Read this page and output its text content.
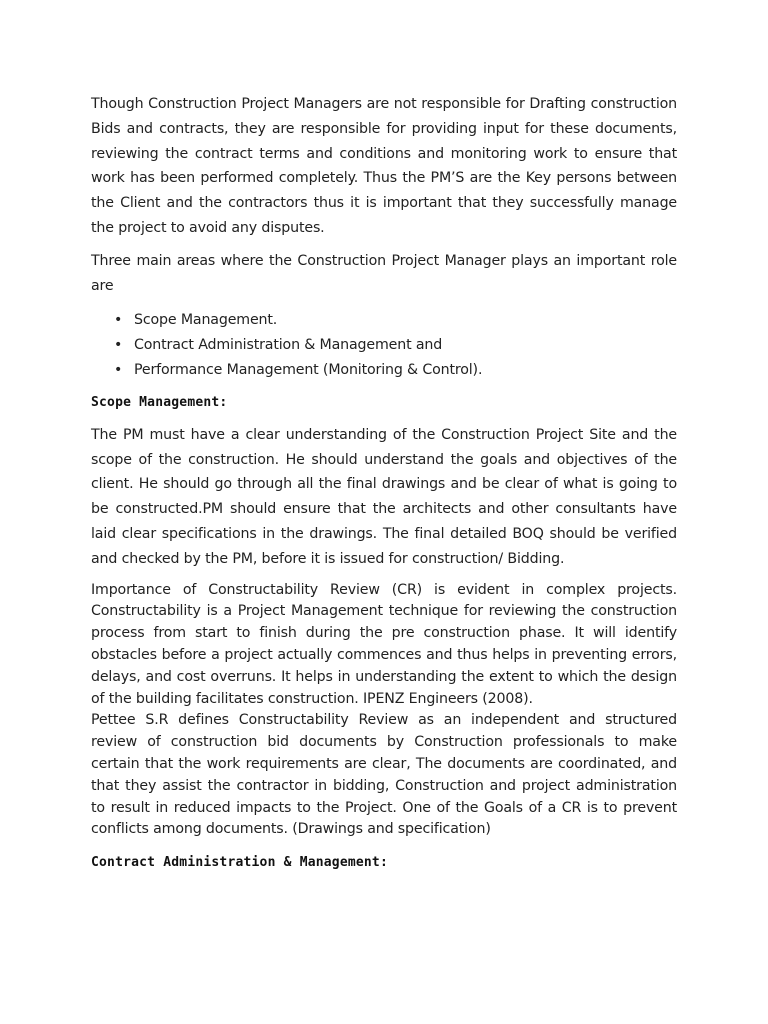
Though Construction Project Managers are not responsible for Drafting construction Bids and contracts, they are responsible for providing input for these documents, reviewing the contract terms and conditions and monitoring work to ensure that work has been performed completely. Thus the PM’S are the Key persons between the Client and the contractors thus it is important that they successfully manage the project to avoid any disputes.

Three main areas where the Construction Project Manager plays an important role are

• Scope Management.
• Contract Administration & Management and
• Performance Management (Monitoring & Control).
Scope Management:

The PM must have a clear understanding of the Construction Project Site and the scope of the construction. He should understand the goals and objectives of the client. He should go through all the final drawings and be clear of what is going to be constructed.PM should ensure that the architects and other consultants have laid clear specifications in the drawings. The final detailed BOQ should be verified and checked by the PM, before it is issued for construction/ Bidding.

Importance of Constructability Review (CR) is evident in complex projects. Constructability is a Project Management technique for reviewing the construction process from start to finish during the pre construction phase. It will identify obstacles before a project actually commences and thus helps in preventing errors, delays, and cost overruns. It helps in understanding the extent to which the design of the building facilitates construction. IPENZ Engineers (2008).

Pettee S.R defines Constructability Review as an independent and structured review of construction bid documents by Construction professionals to make certain that the work requirements are clear, The documents are coordinated, and that they assist the contractor in bidding, Construction and project administration to result in reduced impacts to the Project. One of the Goals of a CR is to prevent conflicts among documents. (Drawings and specification)

Contract Administration & Management:
